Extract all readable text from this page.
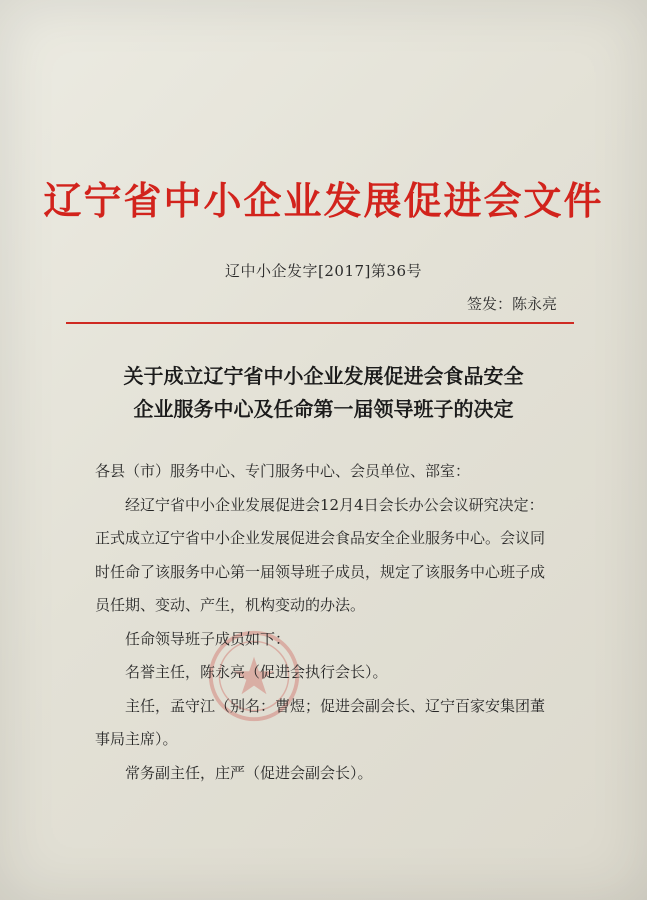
辽宁省中小企业发展促进会文件
辽中小企发字[2017]第36号
签发：陈永亮
关于成立辽宁省中小企业发展促进会食品安全
企业服务中心及任命第一届领导班子的决定

各县（市）服务中心、专门服务中心、会员单位、部室：

经辽宁省中小企业发展促进会12月4日会长办公会议研究决定：正式成立辽宁省中小企业发展促进会食品安全企业服务中心。会议同时任命了该服务中心第一届领导班子成员，规定了该服务中心班子成员任期、变动、产生，机构变动的办法。

任命领导班子成员如下：

名誉主任，陈永亮（促进会执行会长）。

主任，孟守江（别名：曹煜；促进会副会长、辽宁百家安集团董事局主席）。

常务副主任，庄严（促进会副会长）。
